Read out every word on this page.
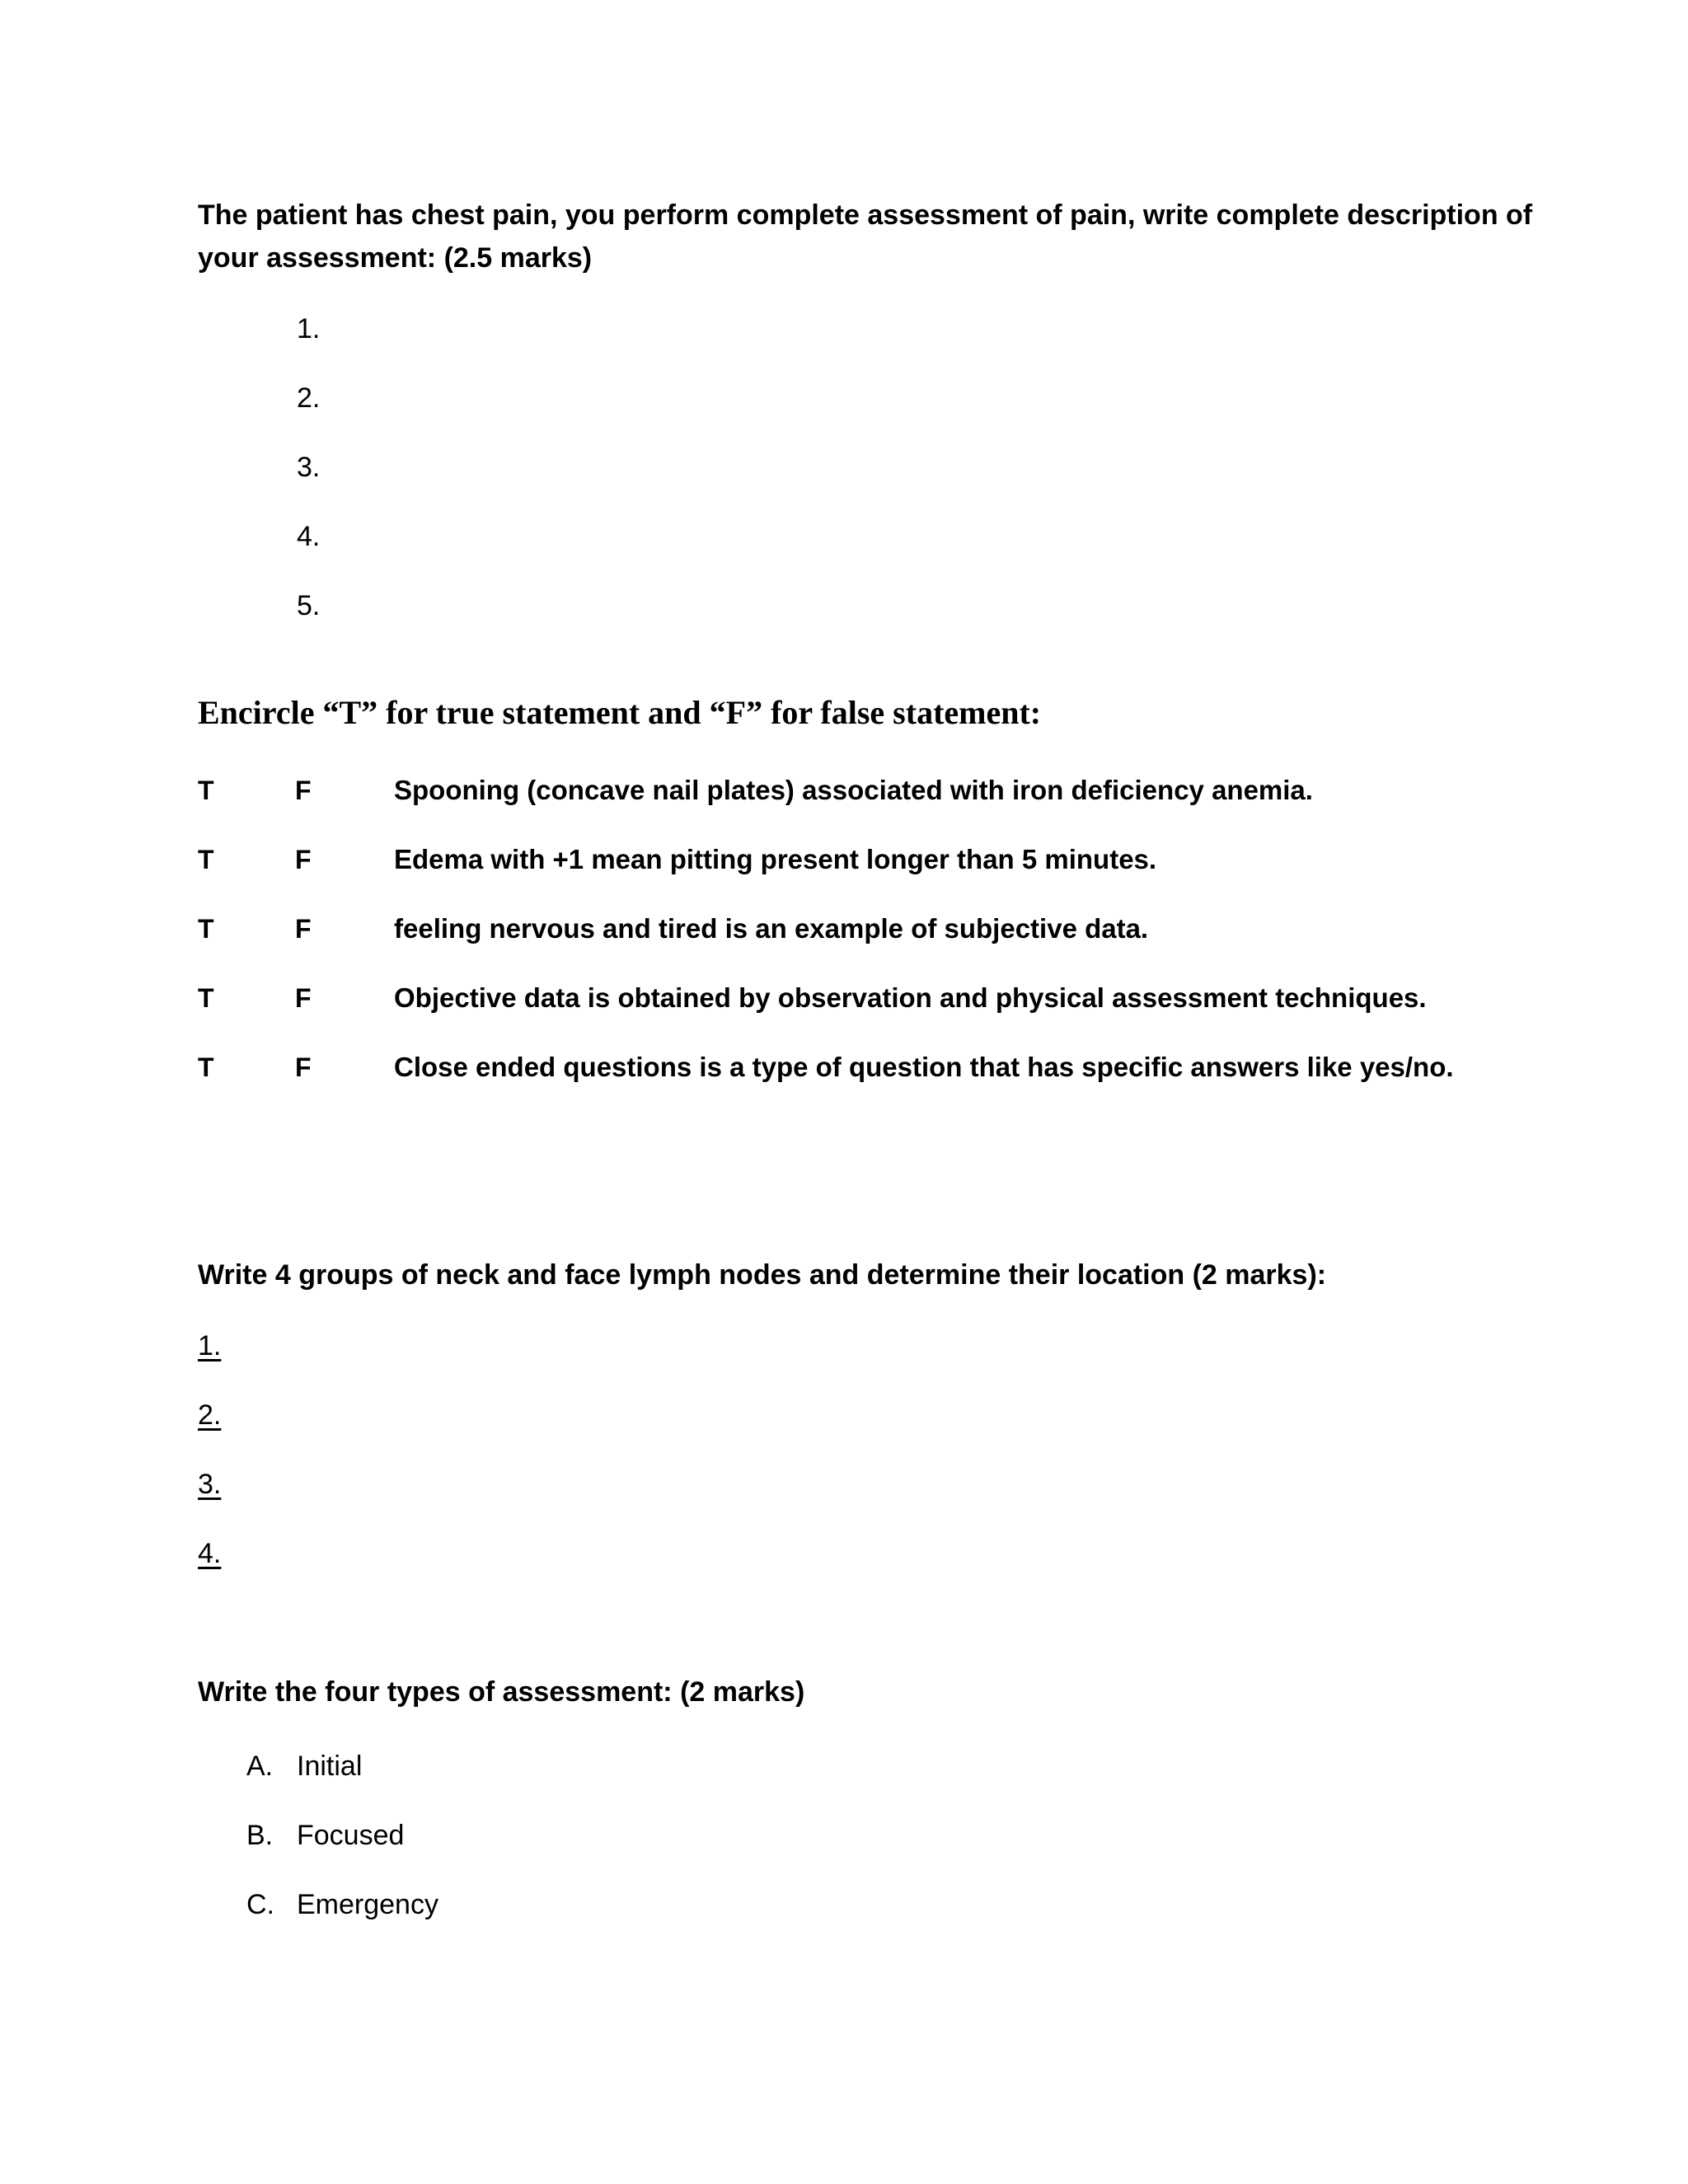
The patient has chest pain, you perform complete assessment of pain, write complete description of
your assessment: (2.5 marks)
1.
2.
3.
4.
5.
Encircle “T” for true statement and “F” for false statement:
T	F	Spooning (concave nail plates) associated with iron deficiency anemia.
T	F	Edema with +1 mean pitting present longer than 5 minutes.
T	F	feeling nervous and tired is an example of subjective data.
T	F	Objective data is obtained by observation and physical assessment techniques.
T	F	Close ended questions is a type of question that has specific answers like yes/no.
Write 4 groups of neck and face lymph nodes and determine their location (2 marks):
1.
2.
3.
4.
Write the four types of assessment: (2 marks)
A. Initial
B. Focused
C. Emergency
